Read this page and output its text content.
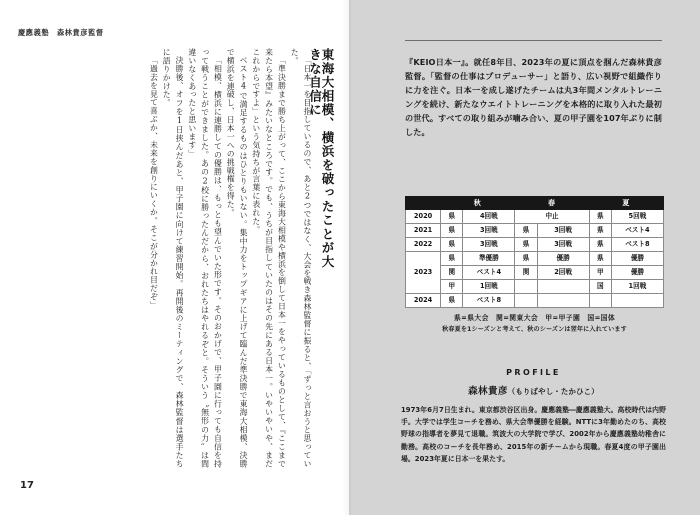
慶應義塾　森林貴彦監督
東海大相模、横浜を破ったことが大きな自信に

「日本一を目指しているので、あと2つではなく、大会を戦き森林監督に振ると、「ずっと言おうと思っていた。

「準決勝まで勝ち上がって、ここから東海大相模や横浜を倒して日本一をやっているものとして、『ここまで来たら本望』みたいなところです。でも、うちが目指していたのはその先にある日本一。いやいやいや、まだこれからですよ」という気持ちが言葉に表れた。

ベスト4で満足するものはひとりもいない。集中力をトップギアに上げて臨んだ準決勝で東海大相模、決勝で横浜を連破し、日本一への挑戦権を得た。

「相模、横浜に連勝しての優勝は、もっとも望んでいた形です。そのおかげで、甲子園に行っても自信を持って戦うことができました。あの2校に勝ったんだから、おれたちはやれるぞと。そういう〝無形の力〟は間違いなくあったと思います」

決勝後、オフを1日挟んだあと、甲子園に向けて練習開始。再開後のミーティングで、森林監督は選手たちに語りかけた。

「過去を見て喜ぶか、未来を創りにいくか。そこが分かれ目だぞ」

17

『KEIO日本一』。就任8年目、2023年の夏に頂点を掴んだ森林貴彦監督。「監督の仕事はプロデューサー」と語り、広い視野で組織作りに力を注ぐ。日本一を成し遂げたチームは丸3年間メンタルトレーニングを続け、新たなウエイトトレーニングを本格的に取り入れた最初の世代。すべての取り組みが噛み合い、夏の甲子園を107年ぶりに制した。

	秋		春		夏	
2020	県	4回戦	中止		県	5回戦
2021	県	3回戦	県	3回戦	県	ベスト4
2022	県	3回戦	県	3回戦	県	ベスト8
2023	県	準優勝	県	優勝	県	優勝
	関	ベスト4	関	2回戦	甲	優勝
	甲	1回戦			国	1回戦
2024	県	ベスト8				
県=県大会　関=関東大会　甲=甲子園　国=国体
秋春夏を1シーズンと考えて、秋のシーズンは翌年に入れています
PROFILE
森林貴彦（もりばやし・たかひこ）

1973年6月7日生まれ。東京都渋谷区出身。慶應義塾―慶應義塾大。高校時代は内野手。大学では学生コーチを務め、県大会準優勝を経験。NTTに3年勤めたのち、高校野球の指導者を夢見て退職。筑波大の大学院で学び、2002年から慶應義塾幼稚舎に勤務。高校のコーチを長年務め、2015年の新チームから現職。春夏4度の甲子園出場。2023年夏に日本一を果たす。
